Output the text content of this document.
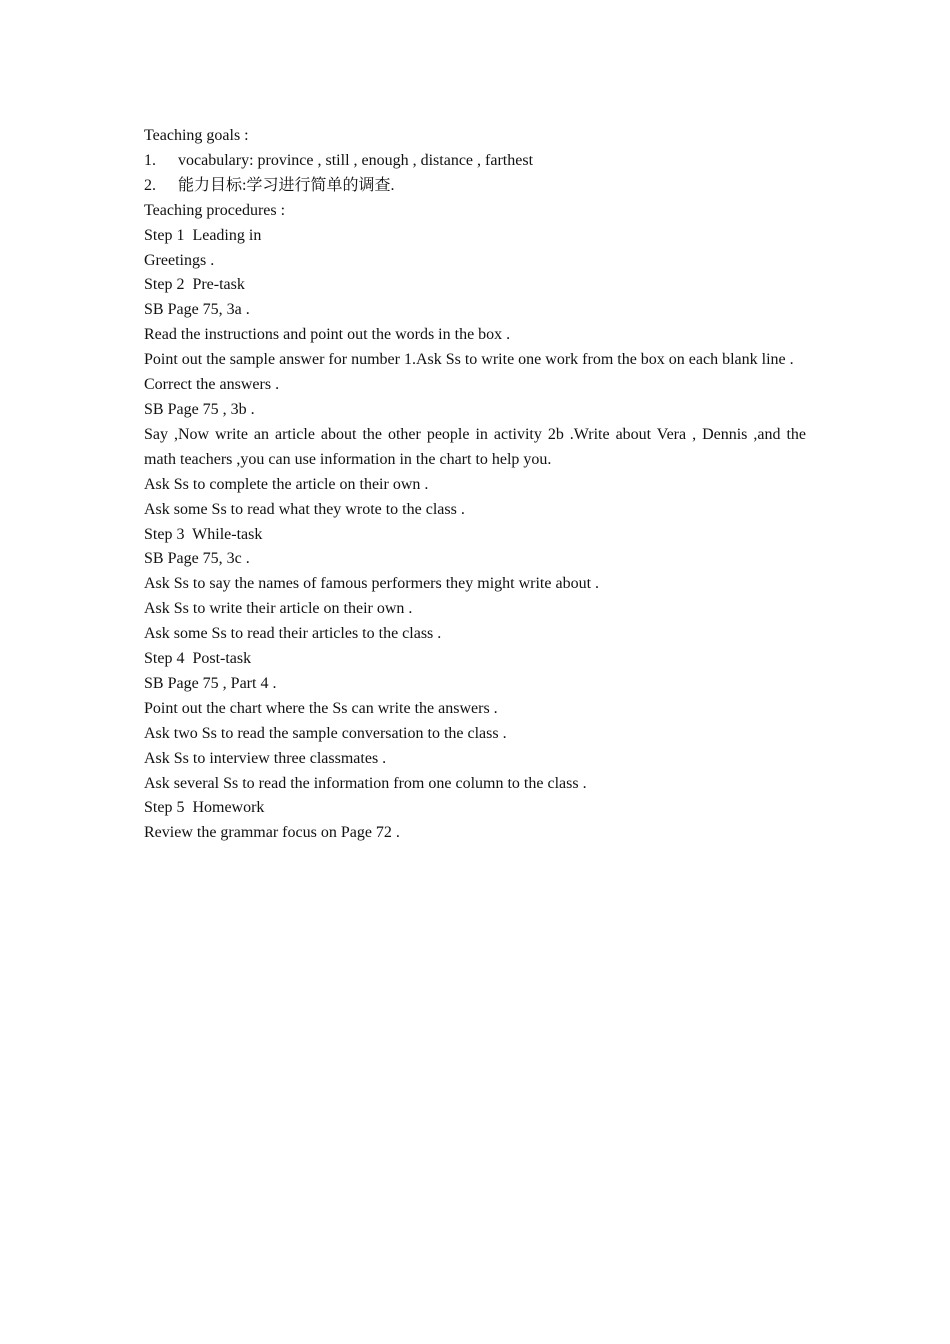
Teaching goals :
1.	vocabulary: province , still , enough , distance , farthest
2.	能力目标:学习进行简单的调查.
Teaching procedures :
Step 1  Leading in
Greetings .
Step 2  Pre-task
SB Page 75, 3a .
Read the instructions and point out the words in the box .
Point out the sample answer for number 1.Ask Ss to write one work from the box on each blank line .
Correct the answers .
SB Page 75 , 3b .
Say ,Now write an article about the other people in activity 2b .Write about Vera , Dennis ,and the math teachers ,you can use information in the chart to help you.
Ask Ss to complete the article on their own .
Ask some Ss to read what they wrote to the class .
Step 3  While-task
SB Page 75, 3c .
Ask Ss to say the names of famous performers they might write about .
Ask Ss to write their article on their own .
Ask some Ss to read their articles to the class .
Step 4  Post-task
SB Page 75 , Part 4 .
Point out the chart where the Ss can write the answers .
Ask two Ss to read the sample conversation to the class .
Ask Ss to interview three classmates .
Ask several Ss to read the information from one column to the class .
Step 5  Homework
Review the grammar focus on Page 72 .
